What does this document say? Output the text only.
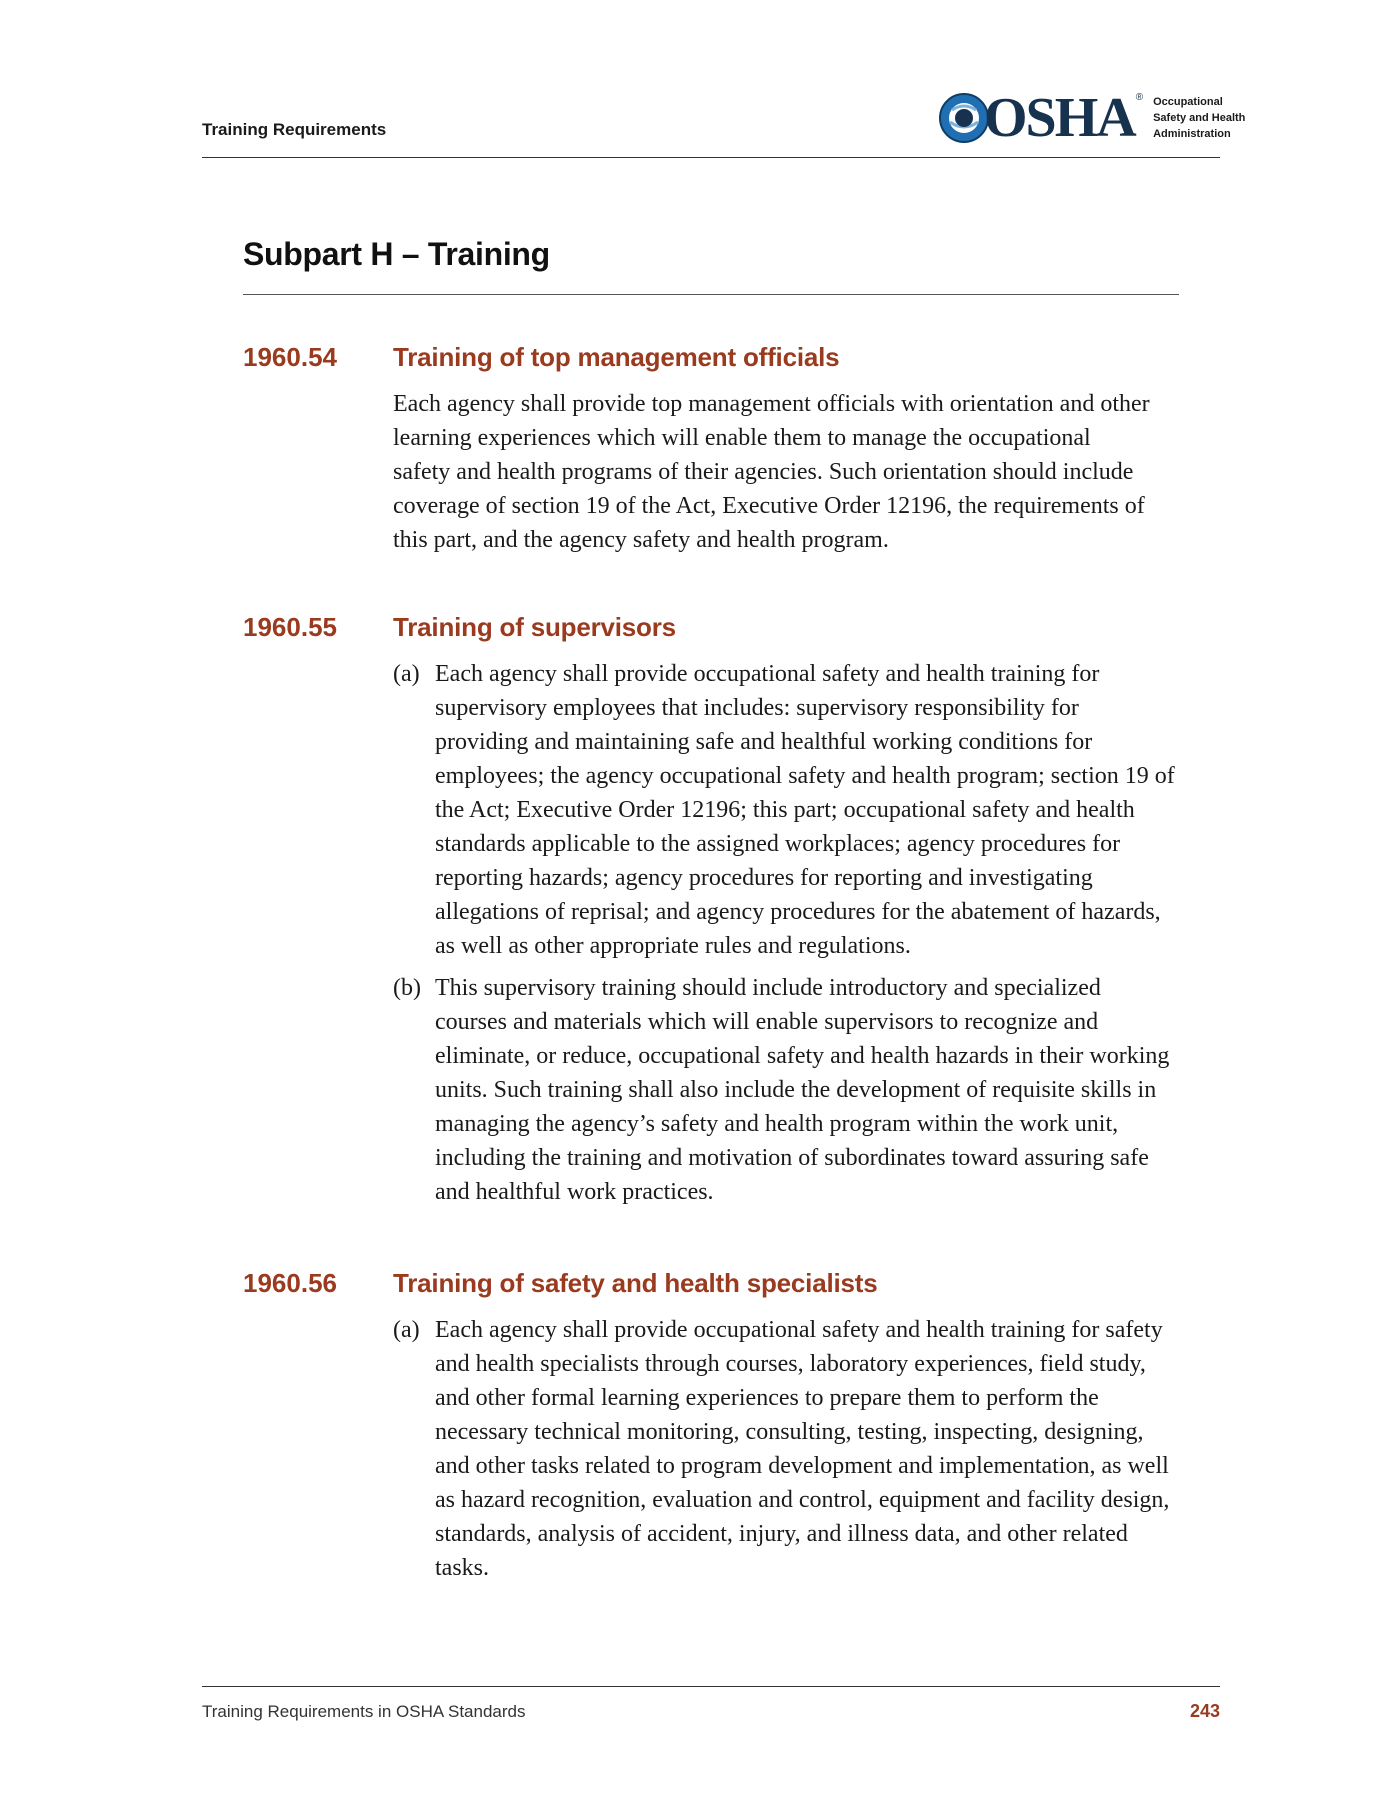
Training Requirements	OSHA ® Occupational
Safety and Health
Administration
Subpart H – Training
1960.54 Training of top management officials
Each agency shall provide top management officials with orientation and other learning experiences which will enable them to manage the occupational safety and health programs of their agencies. Such orientation should include coverage of section 19 of the Act, Executive Order 12196, the requirements of this part, and the agency safety and health program.
1960.55 Training of supervisors
(a) Each agency shall provide occupational safety and health training for supervisory employees that includes: supervisory responsibility for providing and maintaining safe and healthful working conditions for employees; the agency occupational safety and health program; section 19 of the Act; Executive Order 12196; this part; occupational safety and health standards applicable to the assigned workplaces; agency procedures for reporting hazards; agency procedures for reporting and investigating allegations of reprisal; and agency procedures for the abatement of hazards, as well as other appropriate rules and regulations.
(b) This supervisory training should include introductory and specialized courses and materials which will enable supervisors to recognize and eliminate, or reduce, occupational safety and health hazards in their working units. Such training shall also include the development of requisite skills in managing the agency’s safety and health program within the work unit, including the training and motivation of subordinates toward assuring safe and healthful work practices.
1960.56 Training of safety and health specialists
(a) Each agency shall provide occupational safety and health training for safety and health specialists through courses, laboratory experiences, field study, and other formal learning experiences to prepare them to perform the necessary technical monitoring, consulting, testing, inspecting, designing, and other tasks related to program development and implementation, as well as hazard recognition, evaluation and control, equipment and facility design, standards, analysis of accident, injury, and illness data, and other related tasks.
Training Requirements in OSHA Standards	243
